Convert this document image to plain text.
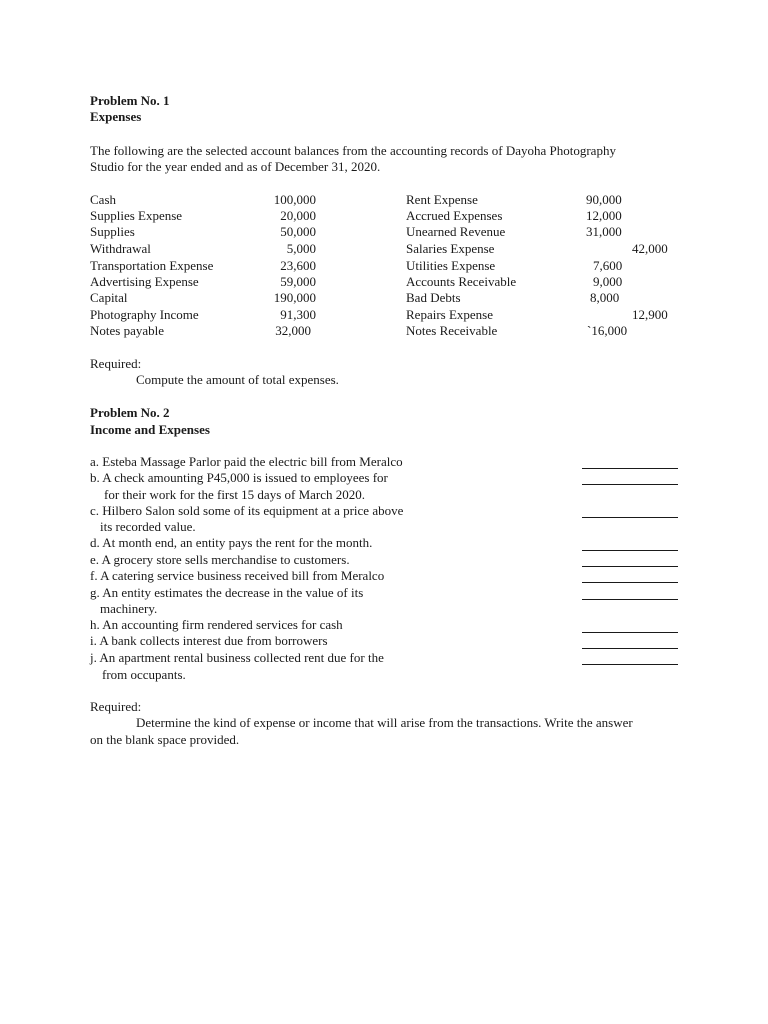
Problem No. 1
Expenses
The following are the selected account balances from the accounting records of Dayoha Photography
Studio for the year ended and as of December 31, 2020.
Cash	100,000
Supplies Expense	20,000
Supplies	50,000
Withdrawal	5,000
Transportation Expense	23,600
Advertising Expense	59,000
Capital	190,000
Photography Income	91,300
Notes payable	32,000
Rent Expense	90,000
Accrued Expenses	12,000
Unearned Revenue	31,000
Salaries Expense	42,000
Utilities Expense	7,600
Accounts Receivable	9,000
Bad Debts	8,000
Repairs Expense	12,900
Notes Receivable	`16,000
Required:
Compute the amount of total expenses.
Problem No. 2
Income and Expenses
a. Esteba Massage Parlor paid the electric bill from Meralco
b. A check amounting P45,000 is issued to employees for
for their work for the first 15 days of March 2020.
c. Hilbero Salon sold some of its equipment at a price above
its recorded value.
d. At month end, an entity pays the rent for the month.
e. A grocery store sells merchandise to customers.
f. A catering service business received bill from Meralco
g. An entity estimates the decrease in the value of its
machinery.
h. An accounting firm rendered services for cash
i. A bank collects interest due from borrowers
j. An apartment rental business collected rent due for the
from occupants.
Required:
Determine the kind of expense or income that will arise from the transactions. Write the answer
on the blank space provided.
